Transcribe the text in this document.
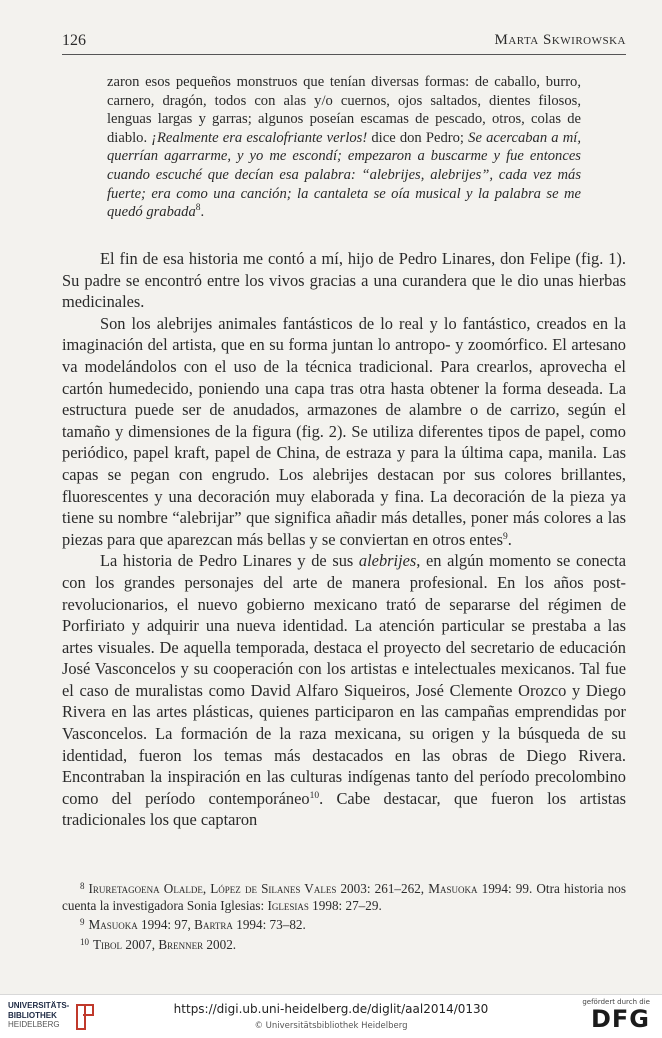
126	Marta Skwirowska
zaron esos pequeños monstruos que tenían diversas formas: de caballo, burro, carnero, dragón, todos con alas y/o cuernos, ojos saltados, dientes filosos, lenguas largas y garras; algunos poseían escamas de pescado, otros, colas de diablo. ¡Realmente era escalofriante verlos! dice don Pedro; Se acercaban a mí, querrían agarrarme, y yo me escondí; empezaron a buscarme y fue entonces cuando escuché que decían esa palabra: “alebrijes, alebrijes”, cada vez más fuerte; era como una canción; la cantaleta se oía musical y la palabra se me quedó grabada$^8$.

El fin de esa historia me contó a mí, hijo de Pedro Linares, don Felipe (fig. 1). Su padre se encontró entre los vivos gracias a una curandera que le dio unas hierbas medicinales.

Son los alebrijes animales fantásticos de lo real y lo fantástico, creados en la imaginación del artista, que en su forma juntan lo antropo- y zoomórfico. El artesano va modelándolos con el uso de la técnica tradicional. Para crearlos, aprovecha el cartón humedecido, poniendo una capa tras otra hasta obtener la forma deseada. La estructura puede ser de anudados, armazones de alambre o de carrizo, según el tamaño y dimensiones de la figura (fig. 2). Se utiliza diferentes tipos de papel, como periódico, papel kraft, papel de China, de estraza y para la última capa, manila. Las capas se pegan con engrudo. Los alebrijes destacan por sus colores brillantes, fluorescentes y una decoración muy elaborada y fina. La decoración de la pieza ya tiene su nombre “alebrijar” que significa añadir más detalles, poner más colores a las piezas para que aparezcan más bellas y se conviertan en otros entes$^9$.

La historia de Pedro Linares y de sus alebrijes, en algún momento se conecta con los grandes personajes del arte de manera profesional. En los años post-revolucionarios, el nuevo gobierno mexicano trató de separarse del régimen de Porfiriato y adquirir una nueva identidad. La atención particular se prestaba a las artes visuales. De aquella temporada, destaca el proyecto del secretario de educación José Vasconcelos y su cooperación con los artistas e intelectuales mexicanos. Tal fue el caso de muralistas como David Alfaro Siqueiros, José Clemente Orozco y Diego Rivera en las artes plásticas, quienes participaron en las campañas emprendidas por Vasconcelos. La formación de la raza mexicana, su origen y la búsqueda de su identidad, fueron los temas más destacados en las obras de Diego Rivera. Encontraban la inspiración en las culturas indígenas tanto del período precolombino como del período contemporáneo$^{10}$. Cabe destacar, que fueron los artistas tradicionales los que captaron

$^8$ Iruretagoena Olalde, López de Silanes Vales 2003: 261–262, Masuoka 1994: 99. Otra historia nos cuenta la investigadora Sonia Iglesias: Iglesias 1998: 27–29.

$^9$ Masuoka 1994: 97, Bartra 1994: 73–82.

$^{10}$ Tibol 2007, Brenner 2002.

UNIVERSITÄTS-
BIBLIOTHEK
HEIDELBERG
https://digi.ub.uni-heidelberg.de/diglit/aal2014/0130
© Universitätsbibliothek Heidelberg
gefördert durch die
DFG
